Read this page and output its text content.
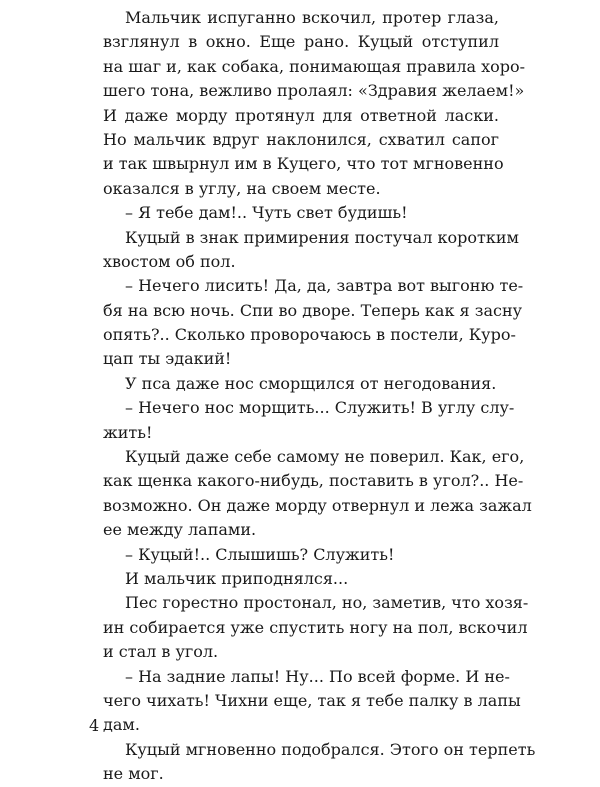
Мальчик испуганно вскочил, протер глаза,
взглянул в окно. Еще рано. Куцый отступил
на шаг и, как собака, понимающая правила хоро-
шего тона, вежливо пролаял: «Здравия желаем!»
И даже морду протянул для ответной ласки.
Но мальчик вдруг наклонился, схватил сапог
и так швырнул им в Куцего, что тот мгновенно
оказался в углу, на своем месте.
– Я тебе дам!.. Чуть свет будишь!
Куцый в знак примирения постучал коротким
хвостом об пол.
– Нечего лисить! Да, да, завтра вот выгоню те-
бя на всю ночь. Спи во дворе. Теперь как я засну
опять?.. Сколько проворочаюсь в постели, Куро-
цап ты эдакий!
У пса даже нос сморщился от негодования.
– Нечего нос морщить... Служить! В углу слу-
жить!
Куцый даже себе самому не поверил. Как, его,
как щенка какого-нибудь, поставить в угол?.. Не-
возможно. Он даже морду отвернул и лежа зажал
ее между лапами.
– Куцый!.. Слышишь? Служить!
И мальчик приподнялся...
Пес горестно простонал, но, заметив, что хозя-
ин собирается уже спустить ногу на пол, вскочил
и стал в угол.
– На задние лапы! Ну... По всей форме. И не-
чего чихать! Чихни еще, так я тебе палку в лапы
дам.
Куцый мгновенно подобрался. Этого он терпеть
не мог.
4
